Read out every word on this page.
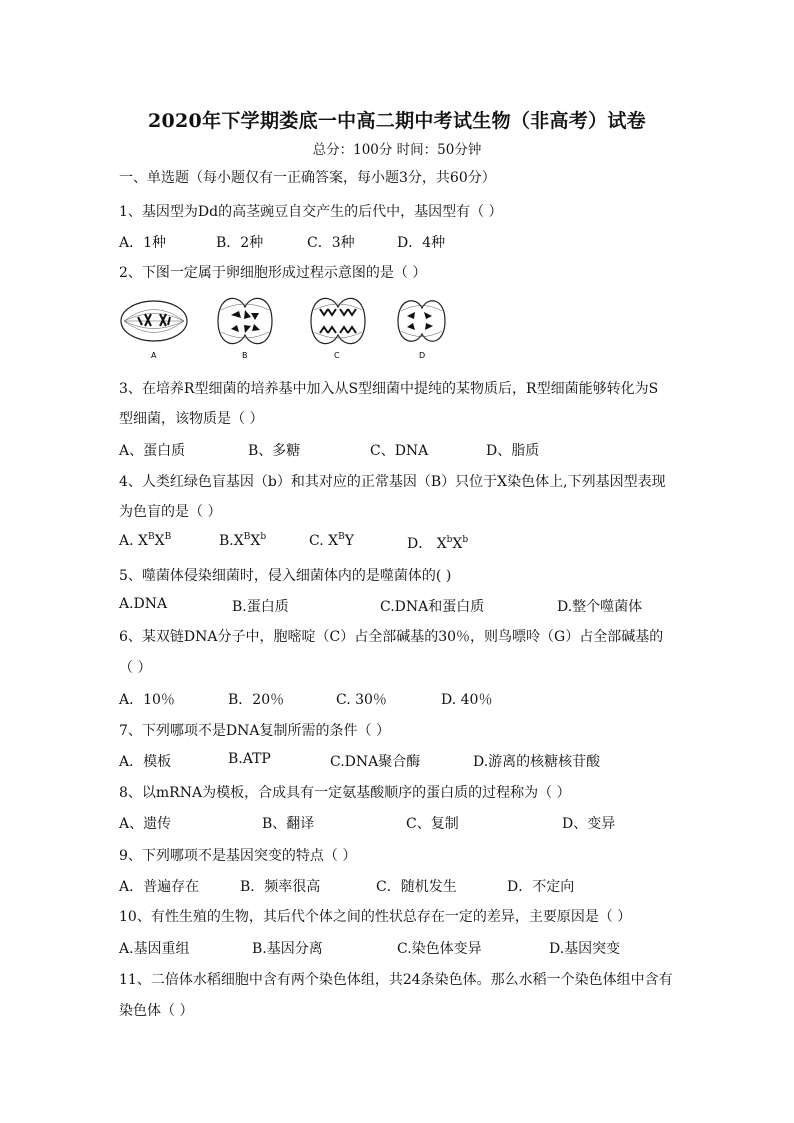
2020年下学期娄底一中高二期中考试生物（非高考）试卷
总分：100分 时间：50分钟
一、单选题（每小题仅有一正确答案，每小题3分，共60分）
1、基因型为Dd的高茎豌豆自交产生的后代中，基因型有（ ）
A．1种	B．2种	C．3种	D．4种
2、下图一定属于卵细胞形成过程示意图的是（ ）
A	B	C	D
3、在培养R型细菌的培养基中加入从S型细菌中提纯的某物质后，R型细菌能够转化为S
型细菌，该物质是（ ）
A、蛋白质	B、多糖	C、DNA	D、脂质
4、人类红绿色盲基因（b）和其对应的正常基因（B）只位于X染色体上,下列基因型表现
为色盲的是（ ）
A. $X^BX^B$	$B.X^BX^b$	C. $X^BY$	D． $X^bX^b$
5、噬菌体侵染细菌时，侵入细菌体内的是噬菌体的( )
A.DNA	B.蛋白质	C.DNA和蛋白质	D.整个噬菌体
6、某双链DNA分子中，胞嘧啶（C）占全部碱基的30％，则鸟嘌呤（G）占全部碱基的
（ ）
A．10％	B．20％	C. 30％	D. 40％
7、下列哪项不是DNA复制所需的条件（ ）
A．模板	B.ATP	C.DNA聚合酶	D.游离的核糖核苷酸
8、以mRNA为模板，合成具有一定氨基酸顺序的蛋白质的过程称为（ ）
A、遗传	B、翻译	C、复制	D、变异
9、下列哪项不是基因突变的特点（ ）
A．普遍存在	B．频率很高	C．随机发生	D．不定向
10、有性生殖的生物，其后代个体之间的性状总存在一定的差异，主要原因是（ ）
A.基因重组	B.基因分离	C.染色体变异	D.基因突变
11、二倍体水稻细胞中含有两个染色体组，共24条染色体。那么水稻一个染色体组中含有
染色体（ ）
